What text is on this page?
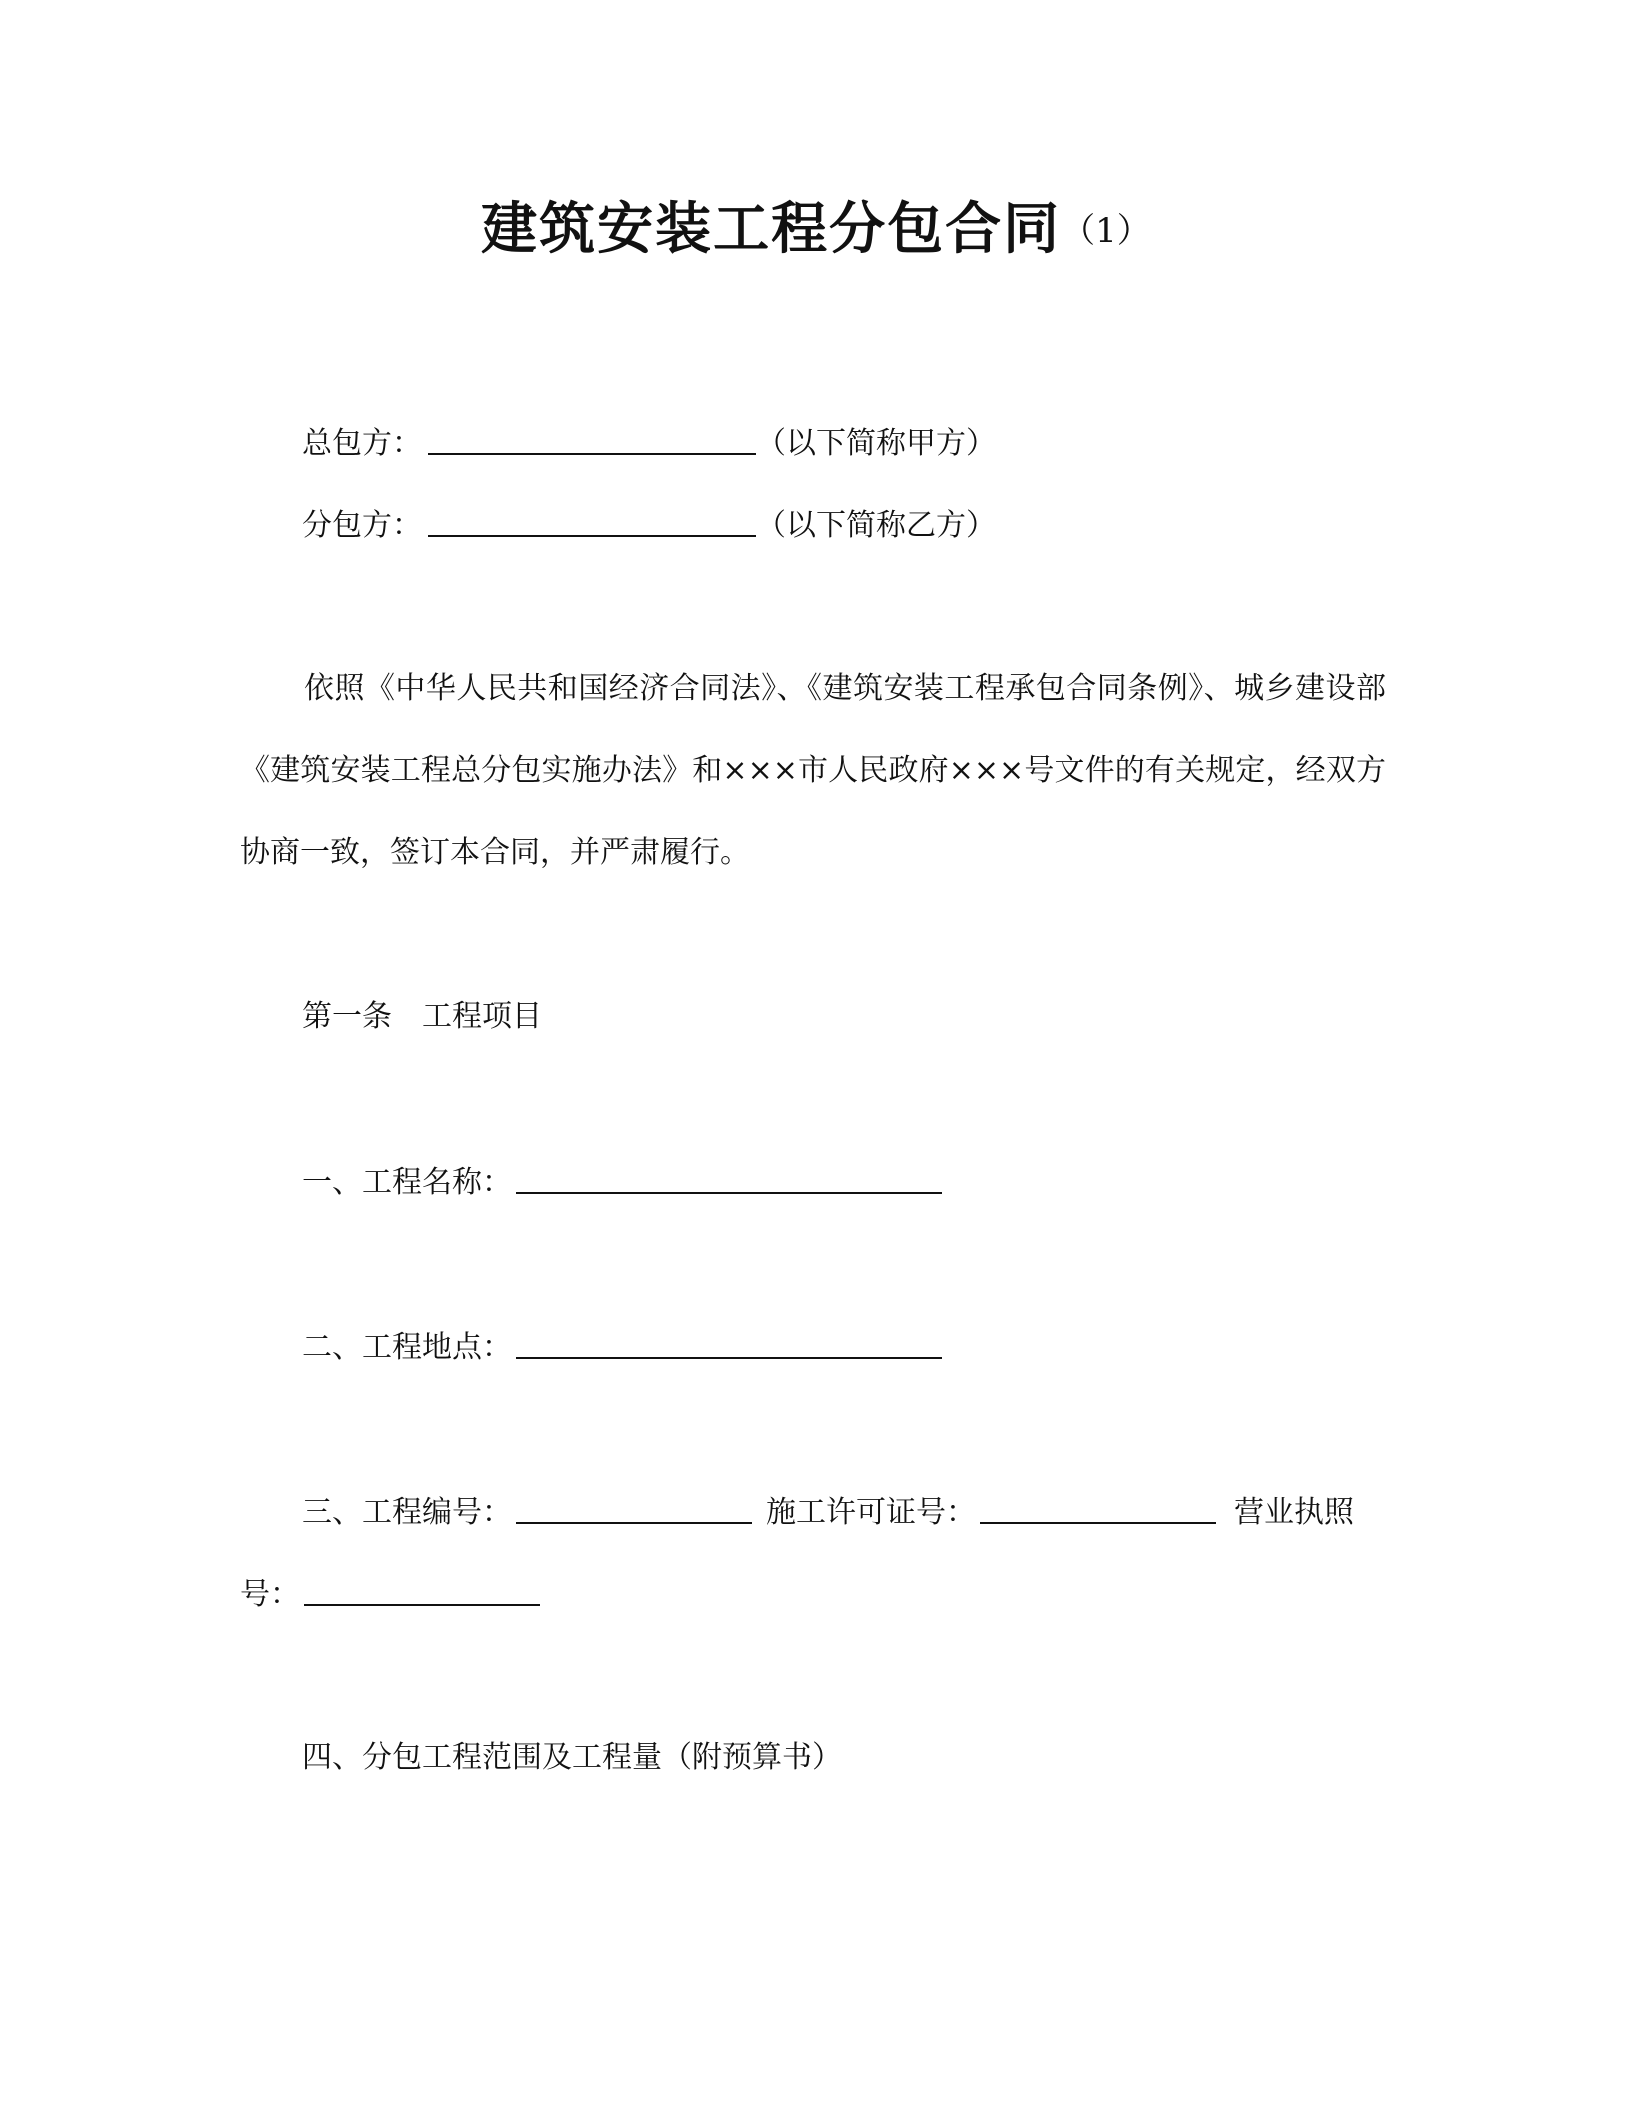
建筑安装工程分包合同（1）
总包方：	（以下简称甲方）
分包方：	（以下简称乙方）
依照《中华人民共和国经济合同法》、《建筑安装工程承包合同条例》、城乡建设部《建筑安装工程总分包实施办法》和×××市人民政府×××号文件的有关规定，经双方协商一致，签订本合同，并严肃履行。
第一条　工程项目
一、工程名称：
二、工程地点：
三、工程编号：	施工许可证号：	营业执照
号：
四、分包工程范围及工程量（附预算书）
